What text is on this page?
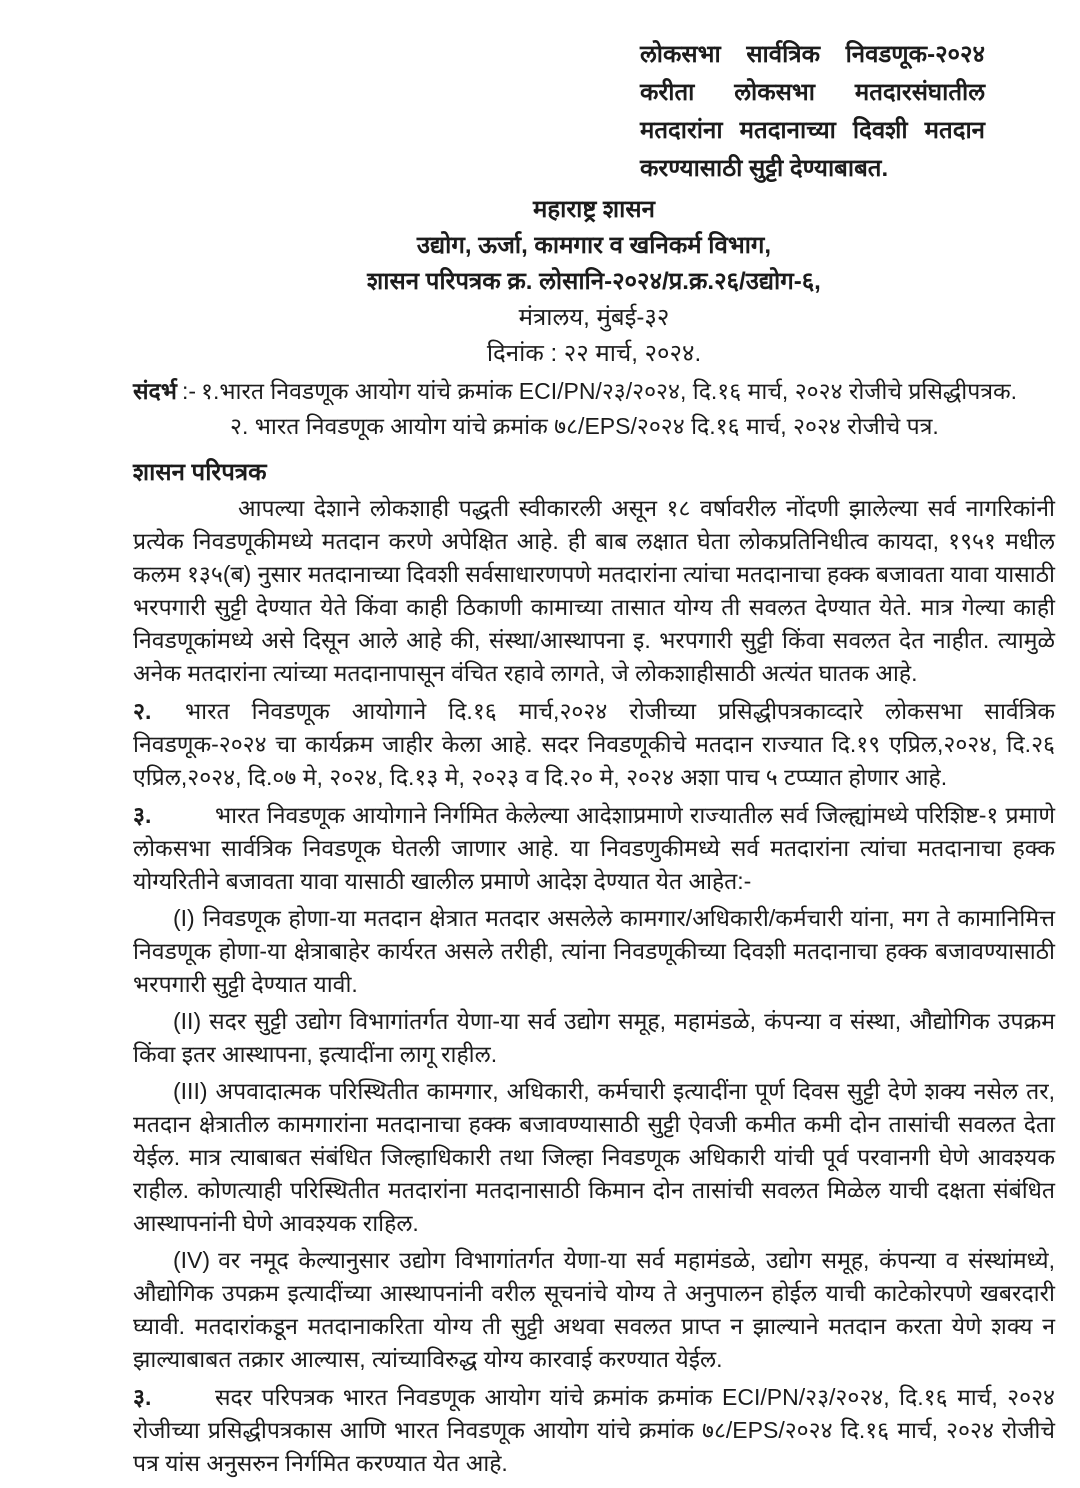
लोकसभा सार्वत्रिक निवडणूक-२०२४
करीता लोकसभा मतदारसंघातील
मतदारांना मतदानाच्या दिवशी मतदान
करण्यासाठी सुट्टी देण्याबाबत.
महाराष्ट्र शासन
उद्योग, ऊर्जा, कामगार व खनिकर्म विभाग,
शासन परिपत्रक क्र. लोसानि-२०२४/प्र.क्र.२६/उद्योग-६,
मंत्रालय, मुंबई-३२
दिनांक : २२ मार्च, २०२४.
संदर्भ :- १.भारत निवडणूक आयोग यांचे क्रमांक ECI/PN/२३/२०२४, दि.१६ मार्च, २०२४ रोजीचे प्रसिद्धीपत्रक.
२. भारत निवडणूक आयोग यांचे क्रमांक ७८/EPS/२०२४ दि.१६ मार्च, २०२४ रोजीचे पत्र.
शासन परिपत्रक

आपल्या देशाने लोकशाही पद्धती स्वीकारली असून १८ वर्षावरील नोंदणी झालेल्या सर्व नागरिकांनी प्रत्येक निवडणूकीमध्ये मतदान करणे अपेक्षित आहे. ही बाब लक्षात घेता लोकप्रतिनिधीत्व कायदा, १९५१ मधील कलम १३५(ब) नुसार मतदानाच्या दिवशी सर्वसाधारणपणे मतदारांना त्यांचा मतदानाचा हक्क बजावता यावा यासाठी भरपगारी सुट्टी देण्यात येते किंवा काही ठिकाणी कामाच्या तासात योग्य ती सवलत देण्यात येते. मात्र गेल्या काही निवडणूकांमध्ये असे दिसून आले आहे की, संस्था/आस्थापना इ. भरपगारी सुट्टी किंवा सवलत देत नाहीत. त्यामुळे अनेक मतदारांना त्यांच्या मतदानापासून वंचित रहावे लागते, जे लोकशाहीसाठी अत्यंत घातक आहे.

२. भारत निवडणूक आयोगाने दि.१६ मार्च,२०२४ रोजीच्या प्रसिद्धीपत्रकाव्दारे लोकसभा सार्वत्रिक निवडणूक-२०२४ चा कार्यक्रम जाहीर केला आहे. सदर निवडणूकीचे मतदान राज्यात दि.१९ एप्रिल,२०२४, दि.२६ एप्रिल,२०२४, दि.०७ मे, २०२४, दि.१३ मे, २०२३ व दि.२० मे, २०२४ अशा पाच ५ टप्प्यात होणार आहे.

३.	भारत निवडणूक आयोगाने निर्गमित केलेल्या आदेशाप्रमाणे राज्यातील सर्व जिल्ह्यांमध्ये परिशिष्ट-१ प्रमाणे लोकसभा सार्वत्रिक निवडणूक घेतली जाणार आहे. या निवडणुकीमध्ये सर्व मतदारांना त्यांचा मतदानाचा हक्क योग्यरितीने बजावता यावा यासाठी खालील प्रमाणे आदेश देण्यात येत आहेत:-

(I) निवडणूक होणा-या मतदान क्षेत्रात मतदार असलेले कामगार/अधिकारी/कर्मचारी यांना, मग ते कामानिमित्त निवडणूक होणा-या क्षेत्राबाहेर कार्यरत असले तरीही, त्यांना निवडणूकीच्या दिवशी मतदानाचा हक्क बजावण्यासाठी भरपगारी सुट्टी देण्यात यावी.

(II) सदर सुट्टी उद्योग विभागांतर्गत येणा-या सर्व उद्योग समूह, महामंडळे, कंपन्या व संस्था, औद्योगिक उपक्रम किंवा इतर आस्थापना, इत्यादींना लागू राहील.

(III) अपवादात्मक परिस्थितीत कामगार, अधिकारी, कर्मचारी इत्यादींना पूर्ण दिवस सुट्टी देणे शक्य नसेल तर, मतदान क्षेत्रातील कामगारांना मतदानाचा हक्क बजावण्यासाठी सुट्टी ऐवजी कमीत कमी दोन तासांची सवलत देता येईल. मात्र त्याबाबत संबंधित जिल्हाधिकारी तथा जिल्हा निवडणूक अधिकारी यांची पूर्व परवानगी घेणे आवश्यक राहील. कोणत्याही परिस्थितीत मतदारांना मतदानासाठी किमान दोन तासांची सवलत मिळेल याची दक्षता संबंधित आस्थापनांनी घेणे आवश्यक राहिल.

(IV) वर नमूद केल्यानुसार उद्योग विभागांतर्गत येणा-या सर्व महामंडळे, उद्योग समूह, कंपन्या व संस्थांमध्ये, औद्योगिक उपक्रम इत्यादींच्या आस्थापनांनी वरील सूचनांचे योग्य ते अनुपालन होईल याची काटेकोरपणे खबरदारी घ्यावी. मतदारांकडून मतदानाकरिता योग्य ती सुट्टी अथवा सवलत प्राप्त न झाल्याने मतदान करता येणे शक्य न झाल्याबाबत तक्रार आल्यास, त्यांच्याविरुद्ध योग्य कारवाई करण्यात येईल.

३.	सदर परिपत्रक भारत निवडणूक आयोग यांचे क्रमांक क्रमांक ECI/PN/२३/२०२४, दि.१६ मार्च, २०२४ रोजीच्या प्रसिद्धीपत्रकास आणि भारत निवडणूक आयोग यांचे क्रमांक ७८/EPS/२०२४ दि.१६ मार्च, २०२४ रोजीचे पत्र यांस अनुसरुन निर्गमित करण्यात येत आहे.
